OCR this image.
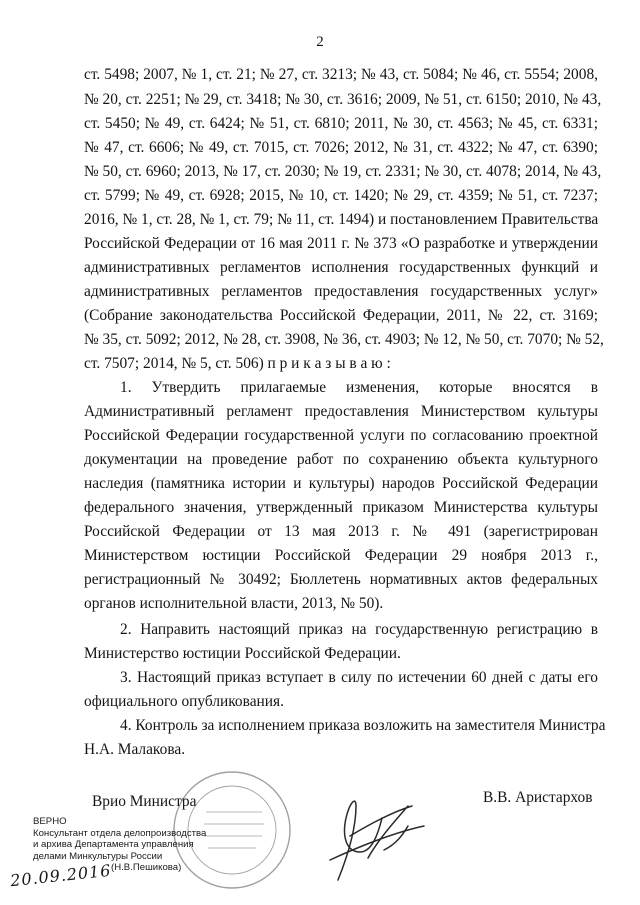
2
ст. 5498; 2007, № 1, ст. 21; № 27, ст. 3213; № 43, ст. 5084; № 46, ст. 5554; 2008,
№ 20, ст. 2251; № 29, ст. 3418; № 30, ст. 3616; 2009, № 51, ст. 6150; 2010, № 43,
ст. 5450; № 49, ст. 6424; № 51, ст. 6810; 2011, № 30, ст. 4563; № 45, ст. 6331;
№ 47, ст. 6606; № 49, ст. 7015, ст. 7026; 2012, № 31, ст. 4322; № 47, ст. 6390;
№ 50, ст. 6960; 2013, № 17, ст. 2030; № 19, ст. 2331; № 30, ст. 4078; 2014, № 43,
ст. 5799; № 49, ст. 6928; 2015, № 10, ст. 1420; № 29, ст. 4359; № 51, ст. 7237;
2016, № 1, ст. 28, № 1, ст. 79; № 11, ст. 1494) и постановлением Правительства
Российской Федерации от 16 мая 2011 г. № 373 «О разработке и утверждении
административных регламентов исполнения государственных функций и
административных регламентов предоставления государственных услуг»
(Собрание законодательства Российской Федерации, 2011, № 22, ст. 3169;
№ 35, ст. 5092; 2012, № 28, ст. 3908, № 36, ст. 4903; № 12, № 50, ст. 7070; № 52,
ст. 7507; 2014, № 5, ст. 506) п р и к а з ы в а ю :
1. Утвердить прилагаемые изменения, которые вносятся в
Административный регламент предоставления Министерством культуры
Российской Федерации государственной услуги по согласованию проектной
документации на проведение работ по сохранению объекта культурного
наследия (памятника истории и культуры) народов Российской Федерации
федерального значения, утвержденный приказом Министерства культуры
Российской Федерации от 13 мая 2013 г. № 491 (зарегистрирован
Министерством юстиции Российской Федерации 29 ноября 2013 г.,
регистрационный № 30492; Бюллетень нормативных актов федеральных
органов исполнительной власти, 2013, № 50).
2. Направить настоящий приказ на государственную регистрацию в
Министерство юстиции Российской Федерации.
3. Настоящий приказ вступает в силу по истечении 60 дней с даты его
официального опубликования.
4. Контроль за исполнением приказа возложить на заместителя Министра
Н.А. Малакова.
Врио Министра	В.В. Аристархов
ВЕРНО
Консультант отдела делопроизводства
и архива Департамента управления
делами Минкультуры России
(Н.В.Пешикова)
20.09.2016
